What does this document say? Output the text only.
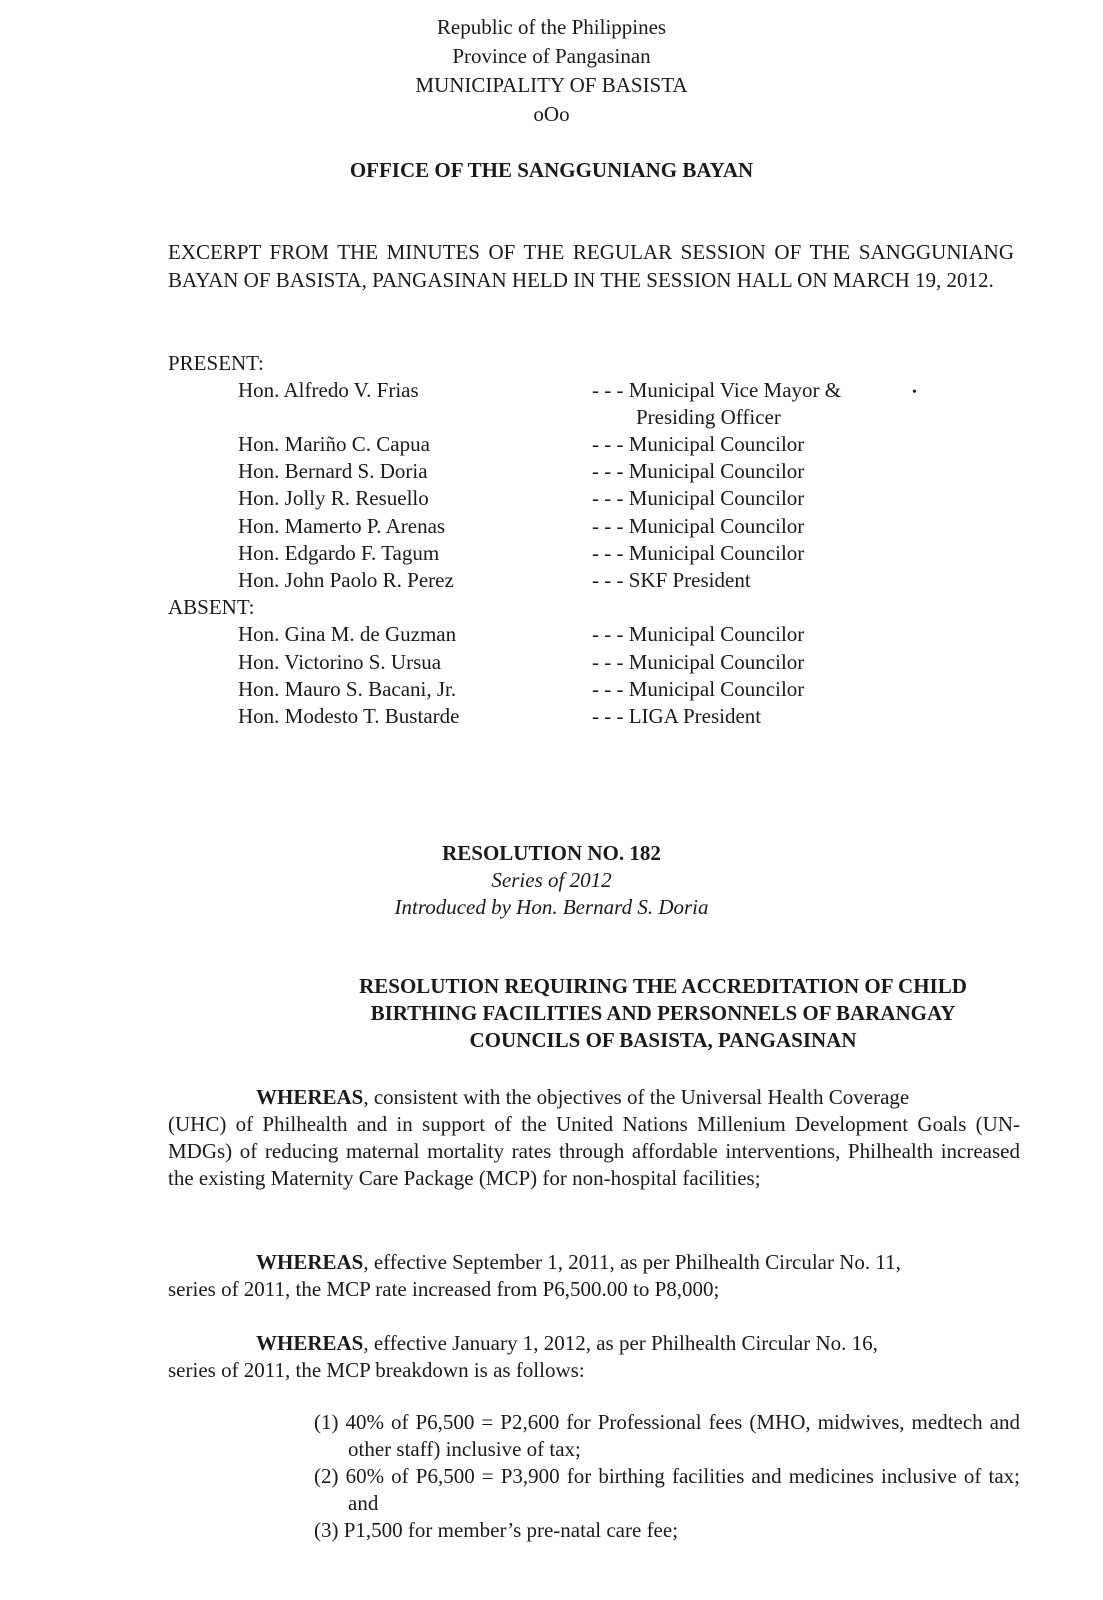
Republic of the Philippines
Province of Pangasinan
MUNICIPALITY OF BASISTA
oOo
OFFICE OF THE SANGGUNIANG BAYAN
EXCERPT FROM THE MINUTES OF THE REGULAR SESSION OF THE SANGGUNIANG BAYAN OF BASISTA, PANGASINAN HELD IN THE SESSION HALL ON MARCH 19, 2012.
PRESENT:
Hon. Alfredo V. Frias	- - - Municipal Vice Mayor &
Presiding Officer
•
Hon. Mariño C. Capua	- - - Municipal Councilor
Hon. Bernard S. Doria	- - - Municipal Councilor
Hon. Jolly R. Resuello	- - - Municipal Councilor
Hon. Mamerto P. Arenas	- - - Municipal Councilor
Hon. Edgardo F. Tagum	- - - Municipal Councilor
Hon. John Paolo R. Perez	- - - SKF President
ABSENT:
Hon. Gina M. de Guzman	- - - Municipal Councilor
Hon. Victorino S. Ursua	- - - Municipal Councilor
Hon. Mauro S. Bacani, Jr.	- - - Municipal Councilor
Hon. Modesto T. Bustarde	- - - LIGA President
RESOLUTION NO. 182
Series of 2012
Introduced by Hon. Bernard S. Doria
RESOLUTION REQUIRING THE ACCREDITATION OF CHILD
BIRTHING FACILITIES AND PERSONNELS OF BARANGAY
COUNCILS OF BASISTA, PANGASINAN
WHEREAS, consistent with the objectives of the Universal Health Coverage
(UHC) of Philhealth and in support of the United Nations Millenium Development Goals (UN-MDGs) of reducing maternal mortality rates through affordable interventions, Philhealth increased the existing Maternity Care Package (MCP) for non-hospital facilities;
WHEREAS, effective September 1, 2011, as per Philhealth Circular No. 11,
series of 2011, the MCP rate increased from P6,500.00 to P8,000;
WHEREAS, effective January 1, 2012, as per Philhealth Circular No. 16,
series of 2011, the MCP breakdown is as follows:
(1) 40% of P6,500 = P2,600 for Professional fees (MHO, midwives, medtech and other staff) inclusive of tax;
(2) 60% of P6,500 = P3,900 for birthing facilities and medicines inclusive of tax; and
(3) P1,500 for member’s pre-natal care fee;
